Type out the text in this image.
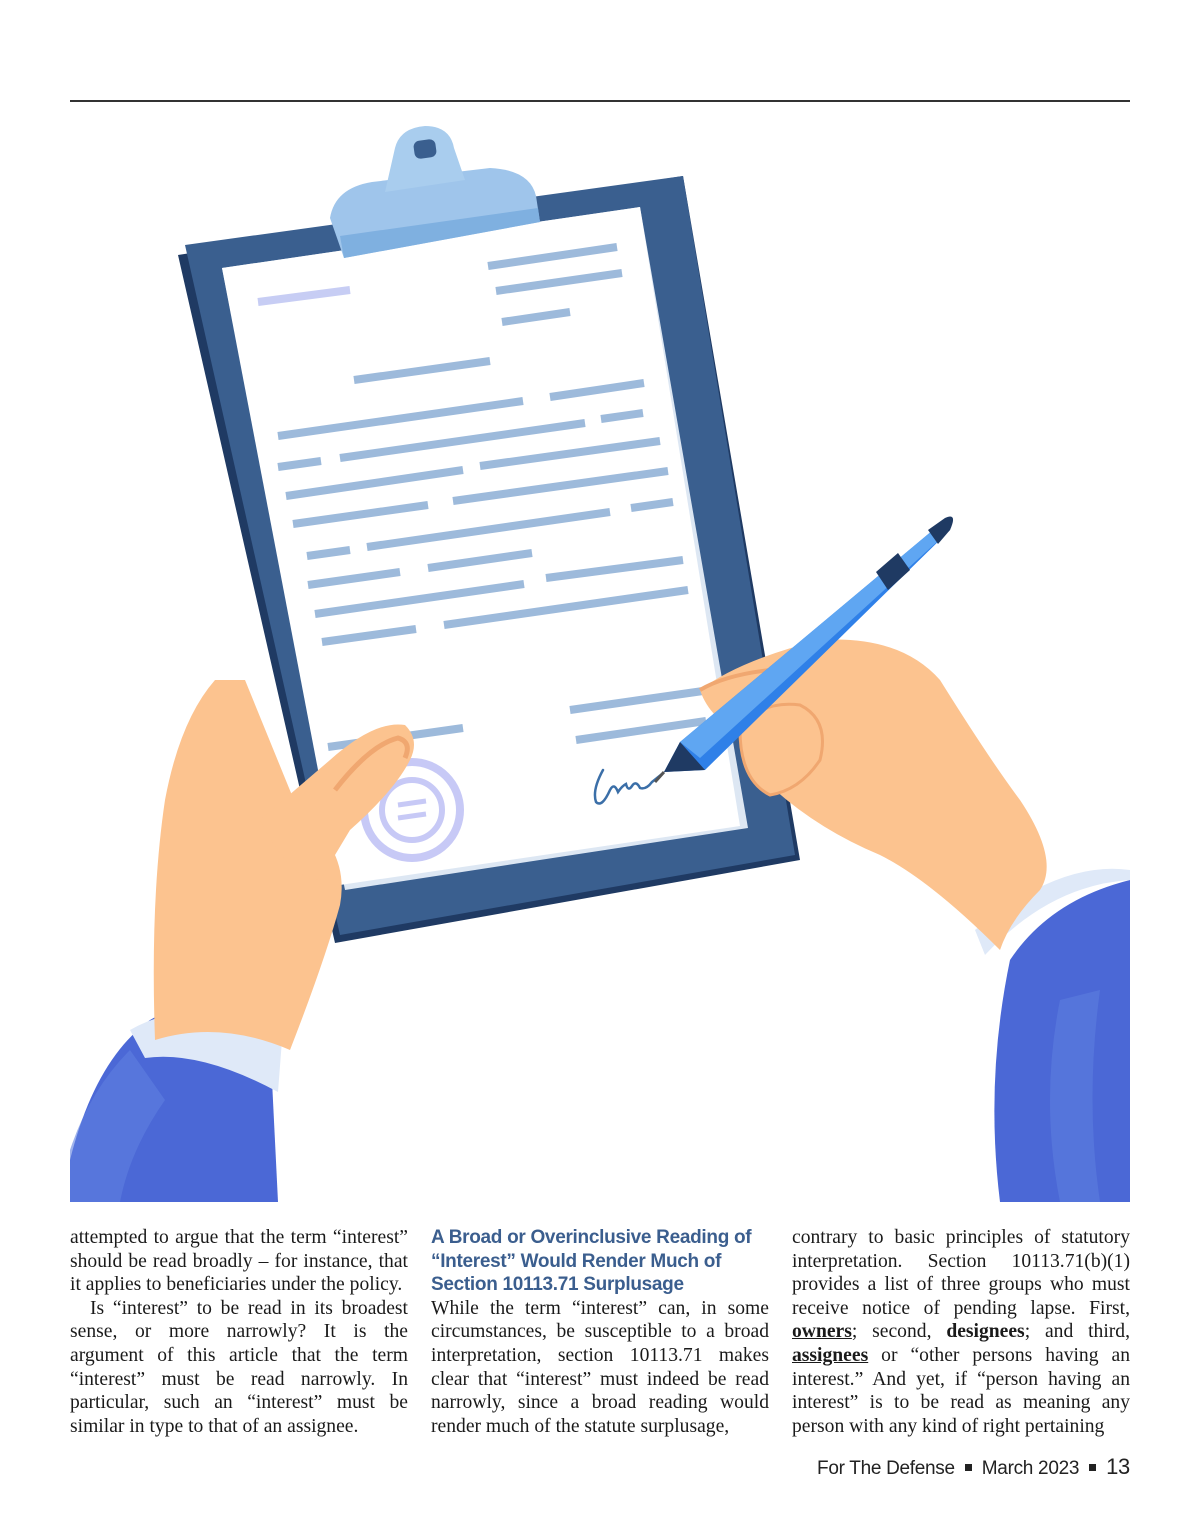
attempted to argue that the term “interest” should be read broadly – for instance, that it applies to beneficiaries under the policy.

Is “interest” to be read in its broadest sense, or more narrowly? It is the argument of this article that the term “interest” must be read narrowly. In particular, such an “interest” must be similar in type to that of an assignee.

A Broad or Overinclusive Reading of “Interest” Would Render Much of Section 10113.71 Surplusage

While the term “interest” can, in some circumstances, be susceptible to a broad interpretation, section 10113.71 makes clear that “interest” must indeed be read narrowly, since a broad reading would render much of the statute surplusage,

contrary to basic principles of statutory interpretation. Section 10113.71(b)(1) provides a list of three groups who must receive notice of pending lapse. First, owners; second, designees; and third, assignees or “other persons having an interest.” And yet, if “person having an interest” is to be read as meaning any person with any kind of right pertaining

For The Defense March 2023 13
